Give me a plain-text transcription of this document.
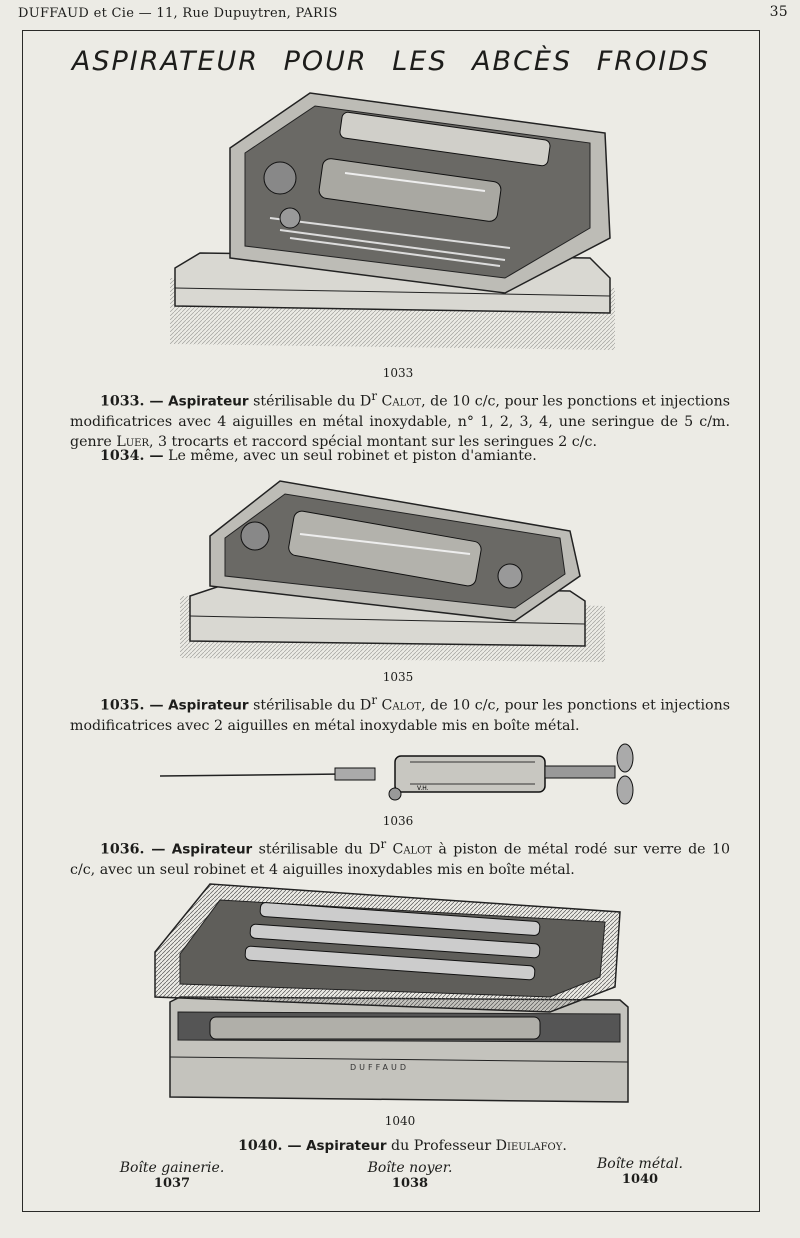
DUFFAUD et Cie — 11, Rue Dupuytren, PARIS	35
ASPIRATEUR POUR LES ABCÈS FROIDS
1033
1033. — Aspirateur stérilisable du $D^r$ Calot, de 10 c/c, pour les ponctions et injections modificatrices avec 4 aiguilles en métal inoxydable, n° 1, 2, 3, 4, une seringue de 5 c/m. genre Luer, 3 trocarts et raccord spécial montant sur les seringues 2 c/c.
1034. — Le même, avec un seul robinet et piston d'amiante.
1035
1035. — Aspirateur stérilisable du $D^r$ Calot, de 10 c/c, pour les ponctions et injections modificatrices avec 2 aiguilles en métal inoxydable mis en boîte métal.
V.H.
1036
1036. — Aspirateur stérilisable du $D^r$ Calot à piston de métal rodé sur verre de 10 c/c, avec un seul robinet et 4 aiguilles inoxydables mis en boîte métal.
DUFFAUD
1040
1040. — Aspirateur du Professeur Dieulafoy.
Boîte gainerie.
1037
Boîte noyer.
1038
Boîte métal.
1040
